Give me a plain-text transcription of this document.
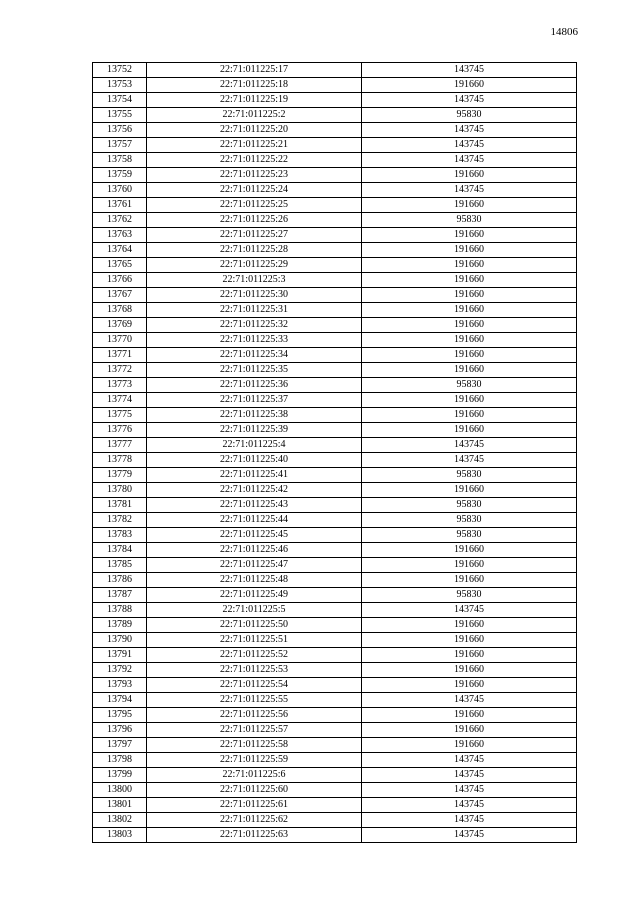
14806
13752	22:71:011225:17	143745
13753	22:71:011225:18	191660
13754	22:71:011225:19	143745
13755	22:71:011225:2	95830
13756	22:71:011225:20	143745
13757	22:71:011225:21	143745
13758	22:71:011225:22	143745
13759	22:71:011225:23	191660
13760	22:71:011225:24	143745
13761	22:71:011225:25	191660
13762	22:71:011225:26	95830
13763	22:71:011225:27	191660
13764	22:71:011225:28	191660
13765	22:71:011225:29	191660
13766	22:71:011225:3	191660
13767	22:71:011225:30	191660
13768	22:71:011225:31	191660
13769	22:71:011225:32	191660
13770	22:71:011225:33	191660
13771	22:71:011225:34	191660
13772	22:71:011225:35	191660
13773	22:71:011225:36	95830
13774	22:71:011225:37	191660
13775	22:71:011225:38	191660
13776	22:71:011225:39	191660
13777	22:71:011225:4	143745
13778	22:71:011225:40	143745
13779	22:71:011225:41	95830
13780	22:71:011225:42	191660
13781	22:71:011225:43	95830
13782	22:71:011225:44	95830
13783	22:71:011225:45	95830
13784	22:71:011225:46	191660
13785	22:71:011225:47	191660
13786	22:71:011225:48	191660
13787	22:71:011225:49	95830
13788	22:71:011225:5	143745
13789	22:71:011225:50	191660
13790	22:71:011225:51	191660
13791	22:71:011225:52	191660
13792	22:71:011225:53	191660
13793	22:71:011225:54	191660
13794	22:71:011225:55	143745
13795	22:71:011225:56	191660
13796	22:71:011225:57	191660
13797	22:71:011225:58	191660
13798	22:71:011225:59	143745
13799	22:71:011225:6	143745
13800	22:71:011225:60	143745
13801	22:71:011225:61	143745
13802	22:71:011225:62	143745
13803	22:71:011225:63	143745
